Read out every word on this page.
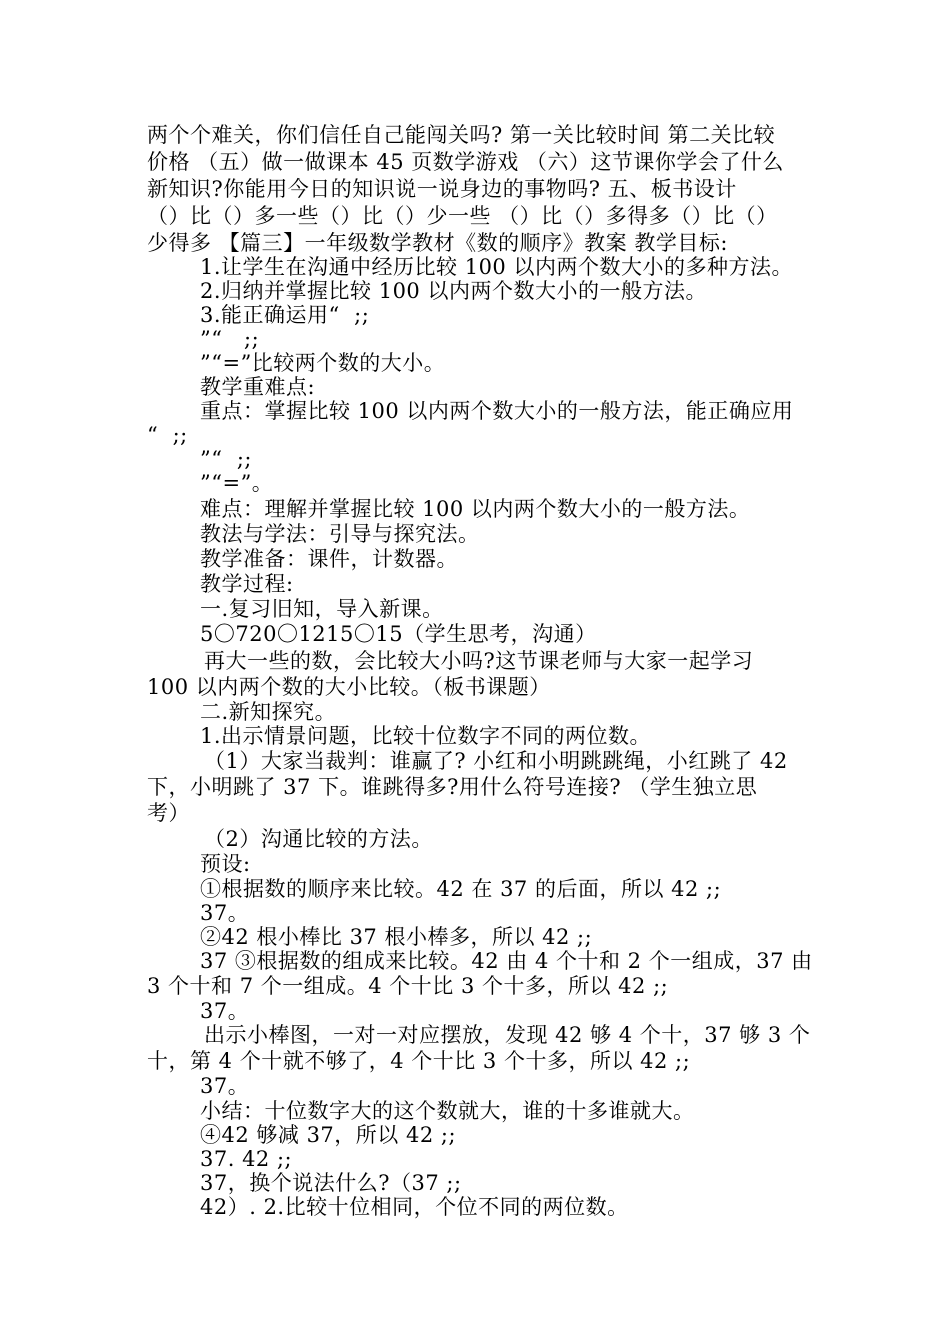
两个个难关，你们信任自己能闯关吗? 第一关比较时间 第二关比较
价格 （五）做一做课本 45 页数学游戏 （六）这节课你学会了什么
新知识?你能用今日的知识说一说身边的事物吗? 五、板书设计
（）比（）多一些（）比（）少一些 （）比（）多得多（）比（）
少得多 【篇三】一年级数学教材《数的顺序》教案 教学目标:
1.让学生在沟通中经历比较 100 以内两个数大小的多种方法。
2.归纳并掌握比较 100 以内两个数大小的一般方法。
3.能正确运用“  ;;
”“   ;;
”“=”比较两个数的大小。
教学重难点:
重点：掌握比较 100 以内两个数大小的一般方法，能正确应用
“  ;;
”“  ;;
”“=”。
难点：理解并掌握比较 100 以内两个数大小的一般方法。
教法与学法：引导与探究法。
教学准备：课件，计数器。
教学过程:
一.复习旧知，导入新课。
5〇720〇1215〇15（学生思考，沟通）
再大一些的数，会比较大小吗?这节课老师与大家一起学习
100 以内两个数的大小比较。（板书课题）
二.新知探究。
1.出示情景问题，比较十位数字不同的两位数。
（1）大家当裁判：谁赢了? 小红和小明跳跳绳，小红跳了 42
下，小明跳了 37 下。谁跳得多?用什么符号连接? （学生独立思
考）
（2）沟通比较的方法。
预设:
①根据数的顺序来比较。42 在 37 的后面，所以 42 ;;
37。
②42 根小棒比 37 根小棒多，所以 42 ;;
37 ③根据数的组成来比较。42 由 4 个十和 2 个一组成，37 由
3 个十和 7 个一组成。4 个十比 3 个十多，所以 42 ;;
37。
出示小棒图，一对一对应摆放，发现 42 够 4 个十，37 够 3 个
十，第 4 个十就不够了，4 个十比 3 个十多，所以 42 ;;
37。
小结：十位数字大的这个数就大，谁的十多谁就大。
④42 够减 37，所以 42 ;;
37. 42 ;;
37，换个说法什么?（37 ;;
42）. 2.比较十位相同，个位不同的两位数。
